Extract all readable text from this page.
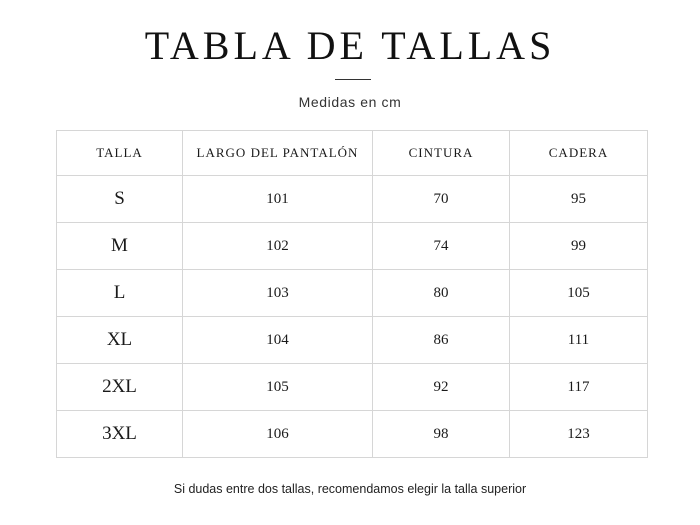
TABLA DE TALLAS
Medidas en cm
TALLA	LARGO DEL PANTALÓN	CINTURA	CADERA
S	101	70	95
M	102	74	99
L	103	80	105
XL	104	86	111
2XL	105	92	117
3XL	106	98	123
Si dudas entre dos tallas, recomendamos elegir la talla superior
